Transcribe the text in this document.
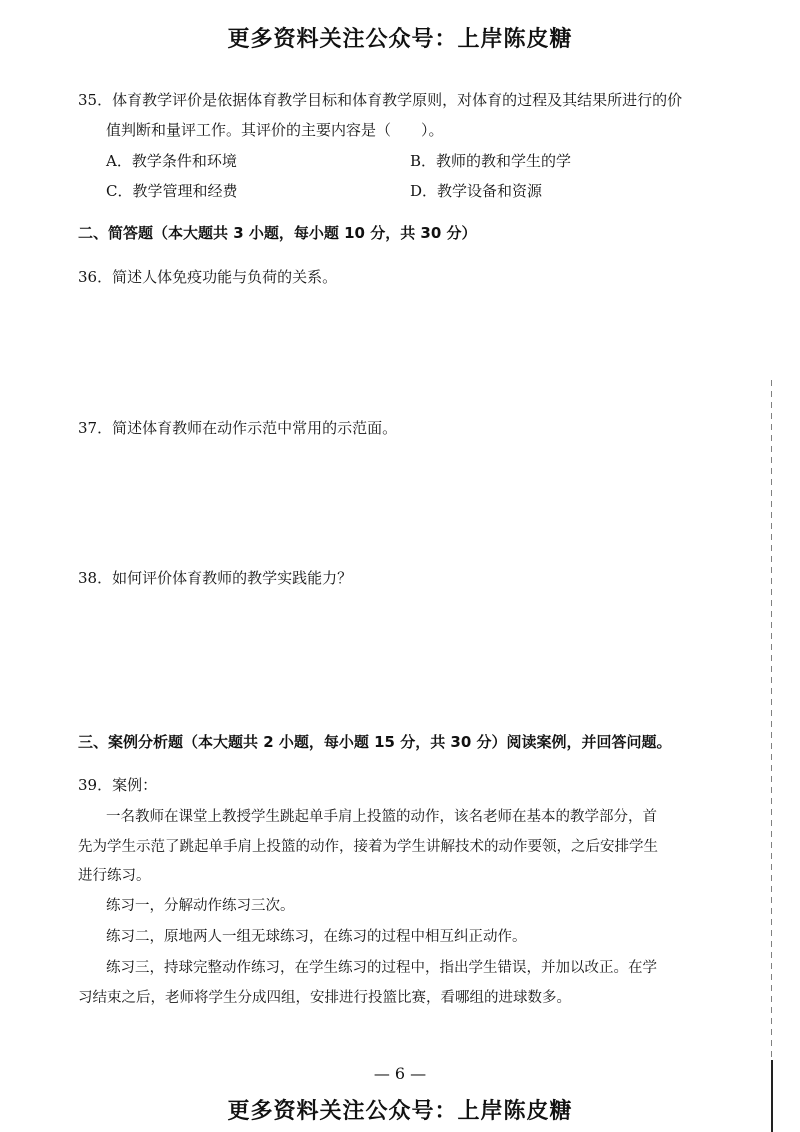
更多资料关注公众号：上岸陈皮糖
35．体育教学评价是依据体育教学目标和体育教学原则，对体育的过程及其结果所进行的价
值判断和量评工作。其评价的主要内容是（　　）。
A．教学条件和环境	B．教师的教和学生的学
C．教学管理和经费	D．教学设备和资源
二、简答题（本大题共 3 小题，每小题 10 分，共 30 分）
36．简述人体免疫功能与负荷的关系。
37．简述体育教师在动作示范中常用的示范面。
38．如何评价体育教师的教学实践能力？
三、案例分析题（本大题共 2 小题，每小题 15 分，共 30 分）阅读案例，并回答问题。
39．案例：
一名教师在课堂上教授学生跳起单手肩上投篮的动作，该名老师在基本的教学部分，首
先为学生示范了跳起单手肩上投篮的动作，接着为学生讲解技术的动作要领，之后安排学生
进行练习。
练习一，分解动作练习三次。
练习二，原地两人一组无球练习，在练习的过程中相互纠正动作。
练习三，持球完整动作练习，在学生练习的过程中，指出学生错误，并加以改正。在学
习结束之后，老师将学生分成四组，安排进行投篮比赛，看哪组的进球数多。
— 6 —
更多资料关注公众号：上岸陈皮糖
